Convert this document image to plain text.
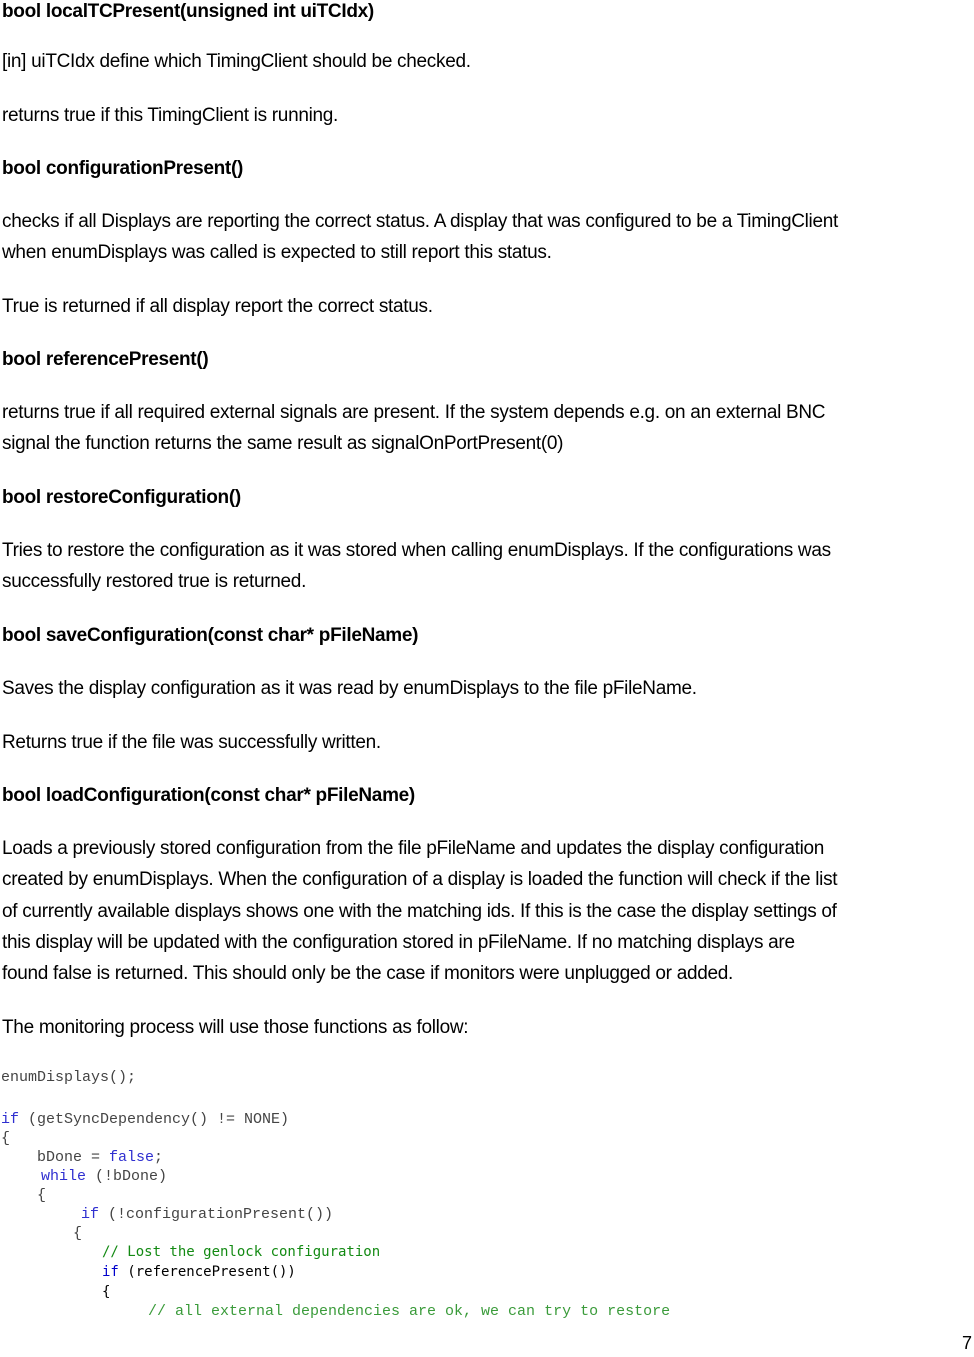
bool localTCPresent(unsigned int uiTCIdx)

[in] uiTCIdx define which TimingClient should be checked.

returns true if this TimingClient is running.

bool configurationPresent()

checks if all Displays are reporting the correct status. A display that was configured to be a TimingClient

when enumDisplays was called is expected to still report this status.

True is returned if all display report the correct status.

bool referencePresent()

returns true if all required external signals are present. If the system depends e.g. on an external BNC

signal the function returns the same result as signalOnPortPresent(0)

bool restoreConfiguration()

Tries to restore the configuration as it was stored when calling enumDisplays. If the configurations was

successfully restored true is returned.

bool saveConfiguration(const char* pFileName)

Saves the display configuration as it was read by enumDisplays to the file pFileName.

Returns true if the file was successfully written.

bool loadConfiguration(const char* pFileName)

Loads a previously stored configuration from the file pFileName and updates the display configuration

created by enumDisplays. When the configuration of a display is loaded the function will check if the list

of currently available displays shows one with the matching ids. If this is the case the display settings of

this display will be updated with the configuration stored in pFileName. If no matching displays are

found false is returned. This should only be the case if monitors were unplugged or added.

The monitoring process will use those functions as follow:

enumDisplays();

if (getSyncDependency() != NONE)

{

bDone = false;

while (!bDone)

{

if (!configurationPresent())

{

// Lost the genlock configuration

if (referencePresent())

{

// all external dependencies are ok, we can try to restore

7
